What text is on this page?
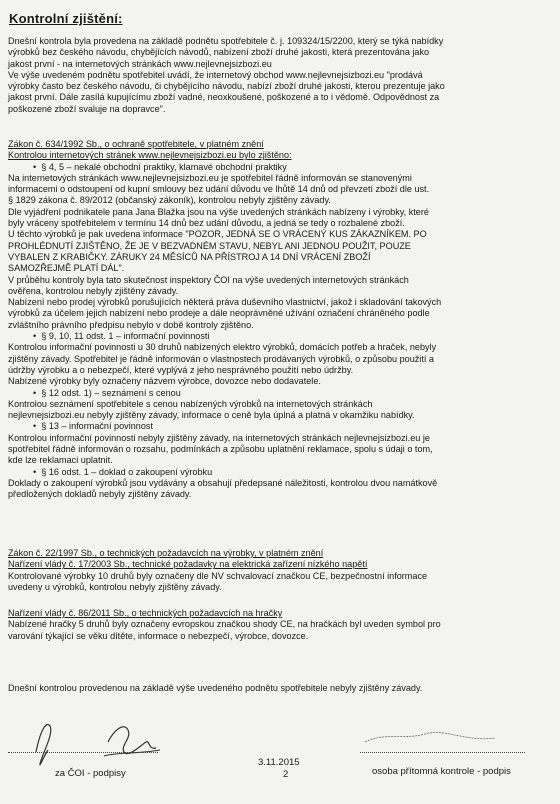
Kontrolní zjištění:

Dnešní kontrola byla provedena na základě podnětu spotřebitele č. j. 109324/15/2200, který se týká nabídky

výrobků bez českého návodu, chybějících návodů, nabízení zboží druhé jakosti, která prezentována jako

jakost první - na internetových stránkách www.nejlevnejsizbozi.eu

Ve výše uvedeném podnětu spotřebitel uvádí, že internetový obchod www.nejlevnejsizbozi.eu "prodává

výrobky často bez českého návodu, či chybějícího návodu, nabízí zboží druhé jakosti, kterou prezentuje jako

jakost první. Dále zasílá kupujícímu zboží vadné, neoxkoušené, poškozené a to i vědomě. Odpovědnost za

poškozené zboží svaluje na dopravce".

Zákon č. 634/1992 Sb., o ochraně spotřebitele, v platném znění

Kontrolou internetových stránek www.nejlevnejsizbozi.eu bylo zjištěno:

•  § 4, 5 – nekalé obchodní praktiky, klamavé obchodní praktiky

Na internetových stránkách www.nejlevnejsizbozi.eu je spotřebitel řádně informován se stanovenými

informacemi o odstoupení od kupní smlouvy bez udání důvodu ve lhůtě 14 dnů od převzetí zboží dle ust.

§ 1829 zákona č. 89/2012 (občanský zákoník), kontrolou nebyly zjištěny závady.

Dle vyjádření podnikatele pana Jana Blažka jsou na výše uvedených stránkách nabízeny i výrobky, které

byly vráceny spotřebitelem v termínu 14 dnů bez udání důvodu, a jedná se tedy o rozbalené zboží.

U těchto výrobků je pak uvedena informace "POZOR, JEDNÁ SE O VRÁCENÝ KUS ZÁKAZNÍKEM. PO

PROHLÉDNUTÍ ZJIŠTĚNO, ŽE JE V BEZVADNÉM STAVU, NEBYL ANI JEDNOU POUŽIT, POUZE

VYBALEN Z KRABIČKY. ZÁRUKY 24 MĚSÍCŮ NA PŘÍSTROJ A 14 DNÍ VRÁCENÍ ZBOŽÍ

SAMOZŘEJMĚ PLATÍ DÁL".

V průběhu kontroly byla tato skutečnost inspektory ČOI na výše uvedených internetových stránkách

ověřena, kontrolou nebyly zjištěny závady.

Nabízení nebo prodej výrobků porušujících některá práva duševního vlastnictví, jakož i skladování takových

výrobků za účelem jejich nabízení nebo prodeje a dále neoprávněné užívání označení chráněného podle

zvláštního právního předpisu nebylo v době kontroly zjištěno.

•  § 9, 10, 11 odst. 1 – informační povinnosti

Kontrolou informační povinnosti u 30 druhů nabízených elektro výrobků, domácích potřeb a hraček, nebyly

zjištěny závady. Spotřebitel je řádně informován o vlastnostech prodávaných výrobků, o způsobu použití a

údržby výrobku a o nebezpečí, které vyplývá z jeho nesprávného použití nebo údržby.

Nabízené výrobky byly označeny názvem výrobce, dovozce nebo dodavatele.

•  § 12 odst. 1) – seznámení s cenou

Kontrolou seznámení spotřebitele s cenou nabízených výrobků na internetových stránkách

nejlevnejsizbozi.eu nebyly zjištěny závady, informace o ceně byla úplná a platná v okamžiku nabídky.

•  § 13 – informační povinnost

Kontrolou informační povinnosti nebyly zjištěny závady, na internetových stránkách nejlevnejsizbozi.eu je

spotřebitel řádně informován o rozsahu, podmínkách a způsobu uplatnění reklamace, spolu s údaji o tom,

kde lze reklamaci uplatnit.

•  § 16 odst. 1 – doklad o zakoupení výrobku

Doklady o zakoupení výrobků jsou vydávány a obsahují předepsané náležitosti, kontrolou dvou namátkově

předložených dokladů nebyly zjištěny závady.

Zákon č. 22/1997 Sb., o technických požadavcích na výrobky, v platném znění

Nařízení vlády č. 17/2003 Sb., technické požadavky na elektrická zařízení nízkého napětí

Kontrolované výrobky 10 druhů byly označeny dle NV schvalovací značkou CE, bezpečnostní informace

uvedeny u výrobků, kontrolou nebyly zjištěny závady.

Nařízení vlády č. 86/2011 Sb., o technických požadavcích na hračky

Nabízené hračky 5 druhů byly označeny evropskou značkou shody CE, na hračkách byl uveden symbol pro

varování týkající se věku dítěte, informace o nebezpečí, výrobce, dovozce.

Dnešní kontrolou provedenou na základě výše uvedeného podnětu spotřebitele nebyly zjištěny závady.

za ČOI - podpisy
3.11.2015
2	osoba přítomná kontrole - podpis
